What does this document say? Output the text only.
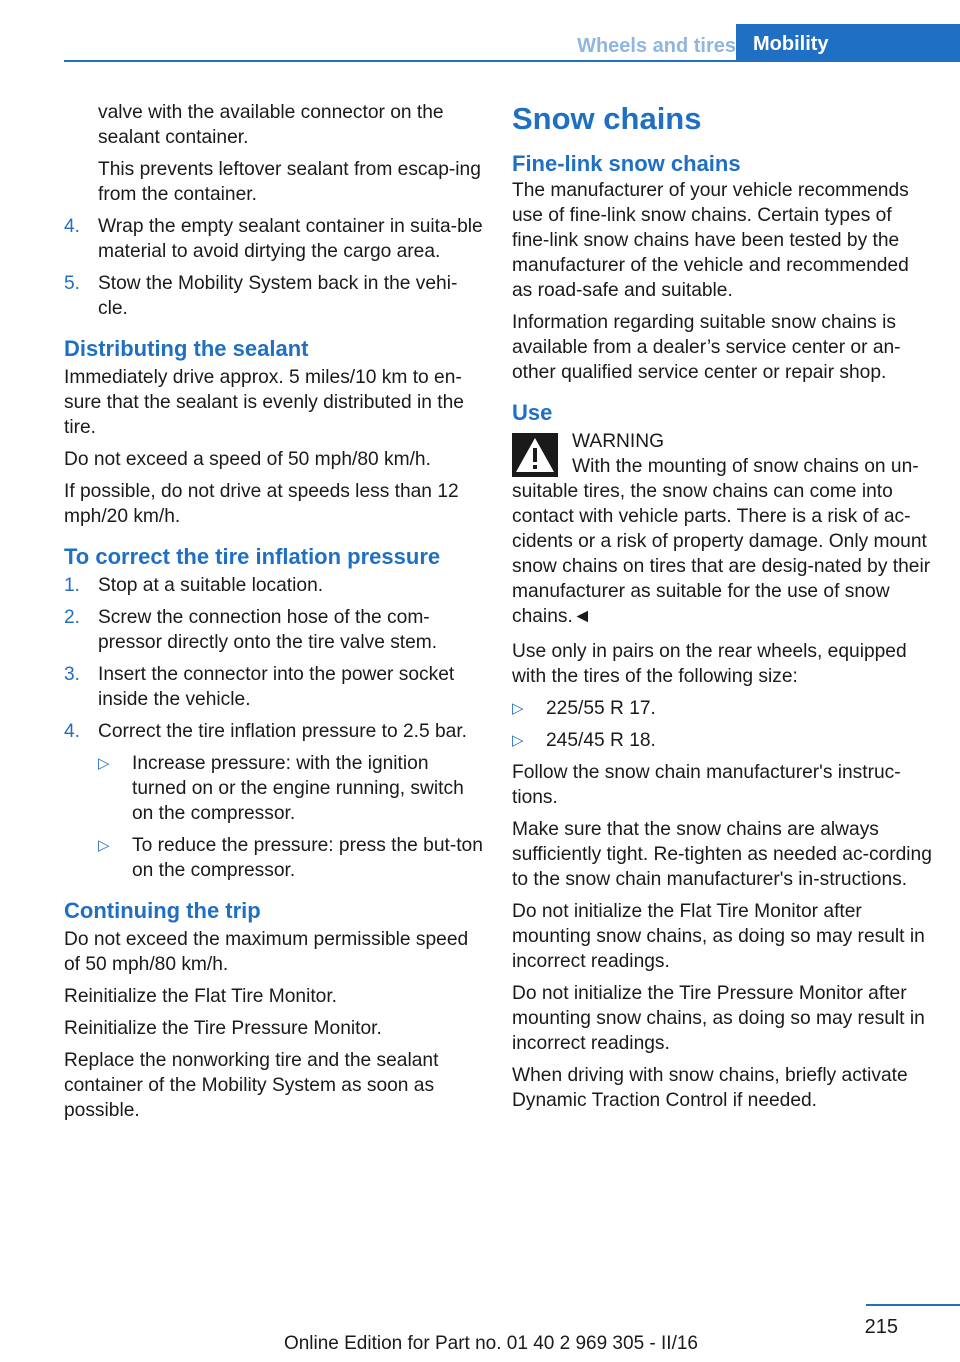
Wheels and tires Mobility

valve with the available connector on the sealant container.

This prevents leftover sealant from escap‐ing from the container.

4. Wrap the empty sealant container in suita‐ble material to avoid dirtying the cargo area.
5. Stow the Mobility System back in the vehi‐cle.
Distributing the sealant

Immediately drive approx. 5 miles/10 km to en‐sure that the sealant is evenly distributed in the tire.

Do not exceed a speed of 50 mph/80 km/h.

If possible, do not drive at speeds less than 12 mph/20 km/h.

To correct the tire inflation pressure
1. Stop at a suitable location.
2. Screw the connection hose of the com‐pressor directly onto the tire valve stem.
3. Insert the connector into the power socket inside the vehicle.
4. Correct the tire inflation pressure to 2.5 bar.
▷ Increase pressure: with the ignition turned on or the engine running, switch on the compressor.
▷ To reduce the pressure: press the but‐ton on the compressor.
Continuing the trip

Do not exceed the maximum permissible speed of 50 mph/80 km/h.

Reinitialize the Flat Tire Monitor.

Reinitialize the Tire Pressure Monitor.

Replace the nonworking tire and the sealant container of the Mobility System as soon as possible.

Snow chains
Fine-link snow chains

The manufacturer of your vehicle recommends use of fine-link snow chains. Certain types of fine-link snow chains have been tested by the manufacturer of the vehicle and recommended as road-safe and suitable.

Information regarding suitable snow chains is available from a dealer’s service center or an‐other qualified service center or repair shop.

Use
WARNING
With the mounting of snow chains on un‐suitable tires, the snow chains can come into contact with vehicle parts. There is a risk of ac‐cidents or a risk of property damage. Only mount snow chains on tires that are desig‐nated by their manufacturer as suitable for the use of snow chains.◄

Use only in pairs on the rear wheels, equipped with the tires of the following size:

▷ 225/55 R 17.
▷ 245/45 R 18.

Follow the snow chain manufacturer's instruc‐tions.

Make sure that the snow chains are always sufficiently tight. Re-tighten as needed ac‐cording to the snow chain manufacturer's in‐structions.

Do not initialize the Flat Tire Monitor after mounting snow chains, as doing so may result in incorrect readings.

Do not initialize the Tire Pressure Monitor after mounting snow chains, as doing so may result in incorrect readings.

When driving with snow chains, briefly activate Dynamic Traction Control if needed.

215
Online Edition for Part no. 01 40 2 969 305 - II/16
